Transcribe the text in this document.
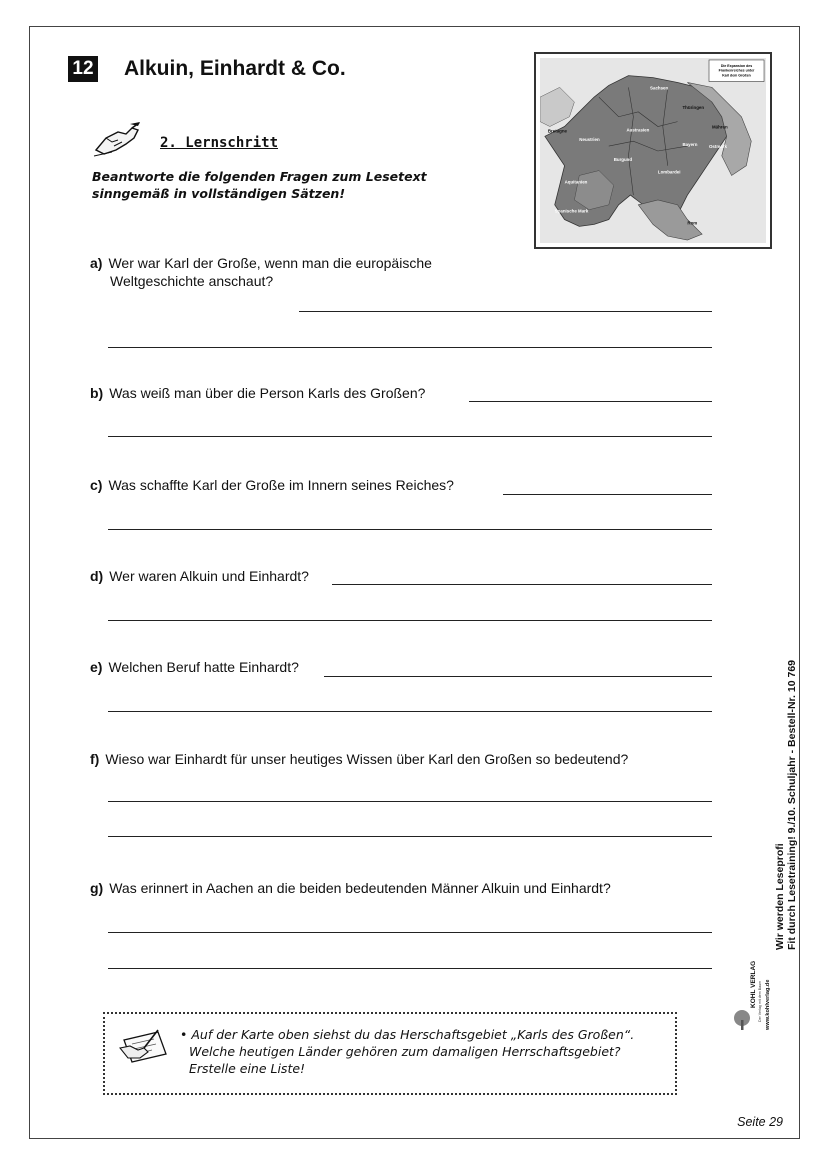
12 Alkuin, Einhardt & Co.	Die Expansion des
Frankenreiches unter
Karl dem Großen
Sachsen
Bretagne
Neustrien
Austrasien
Thüringen
Mähren
Bayern	Ostmark
Burgund
Aquitanien
Lombardei
Spanische Mark
Rom
2. Lernschritt
Beantworte die folgenden Fragen zum Lesetext sinngemäß in vollständigen Sätzen!
a) Wer war Karl der Große, wenn man die europäische
Weltgeschichte anschaut?
b) Was weiß man über die Person Karls des Großen?
c) Was schaffte Karl der Große im Innern seines Reiches?
d) Wer waren Alkuin und Einhardt?
e) Welchen Beruf hatte Einhardt?
f) Wieso war Einhardt für unser heutiges Wissen über Karl den Großen so bedeutend?
g) Was erinnert in Aachen an die beiden bedeutenden Männer Alkuin und Einhardt?
• Auf der Karte oben siehst du das Herschaftsgebiet „Karls des Großen“.
Welche heutigen Länder gehören zum damaligen Herrschaftsgebiet?
Erstelle eine Liste!
Wir werden Leseprofi Fit durch Lesetraining! 9./10. Schuljahr - Bestell-Nr. 10 769
KOHL VERLAG Der Verlag mit dem Baum www.kohlverlag.de
Seite 29
